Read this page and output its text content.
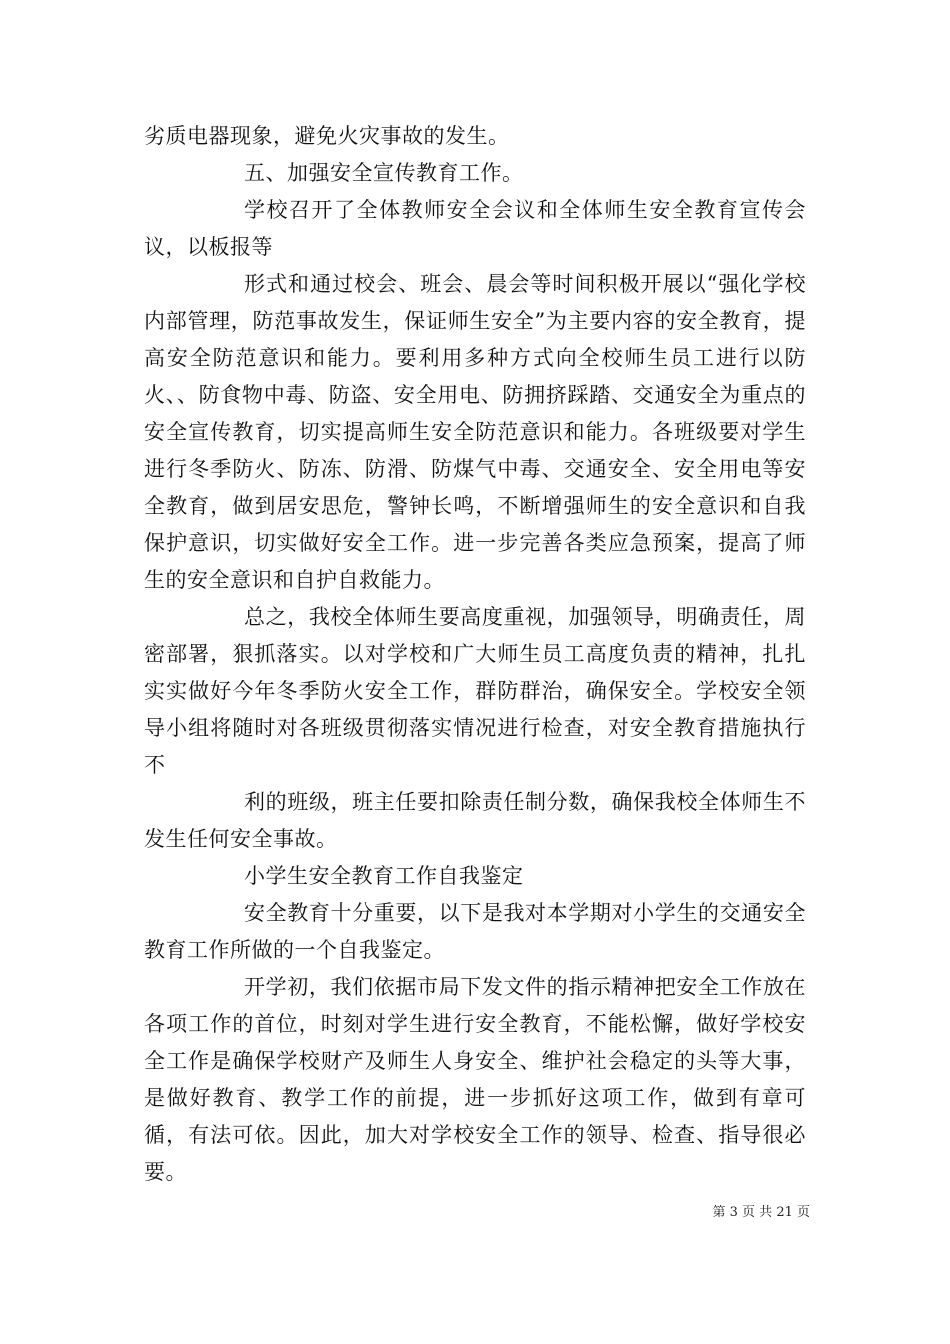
劣质电器现象，避免火灾事故的发生。

五、加强安全宣传教育工作。

学校召开了全体教师安全会议和全体师生安全教育宣传会议，以板报等

形式和通过校会、班会、晨会等时间积极开展以“强化学校内部管理，防范事故发生，保证师生安全”为主要内容的安全教育，提高安全防范意识和能力。要利用多种方式向全校师生员工进行以防火、、防食物中毒、防盗、安全用电、防拥挤踩踏、交通安全为重点的安全宣传教育，切实提高师生安全防范意识和能力。各班级要对学生进行冬季防火、防冻、防滑、防煤气中毒、交通安全、安全用电等安全教育，做到居安思危，警钟长鸣，不断增强师生的安全意识和自我保护意识，切实做好安全工作。进一步完善各类应急预案，提高了师生的安全意识和自护自救能力。

总之，我校全体师生要高度重视，加强领导，明确责任，周密部署，狠抓落实。以对学校和广大师生员工高度负责的精神，扎扎实实做好今年冬季防火安全工作，群防群治，确保安全。学校安全领导小组将随时对各班级贯彻落实情况进行检查，对安全教育措施执行不

利的班级，班主任要扣除责任制分数，确保我校全体师生不发生任何安全事故。

小学生安全教育工作自我鉴定

安全教育十分重要，以下是我对本学期对小学生的交通安全教育工作所做的一个自我鉴定。

开学初，我们依据市局下发文件的指示精神把安全工作放在各项工作的首位，时刻对学生进行安全教育，不能松懈，做好学校安全工作是确保学校财产及师生人身安全、维护社会稳定的头等大事，是做好教育、教学工作的前提，进一步抓好这项工作，做到有章可循，有法可依。因此，加大对学校安全工作的领导、检查、指导很必要。

第 3 页 共 21 页
